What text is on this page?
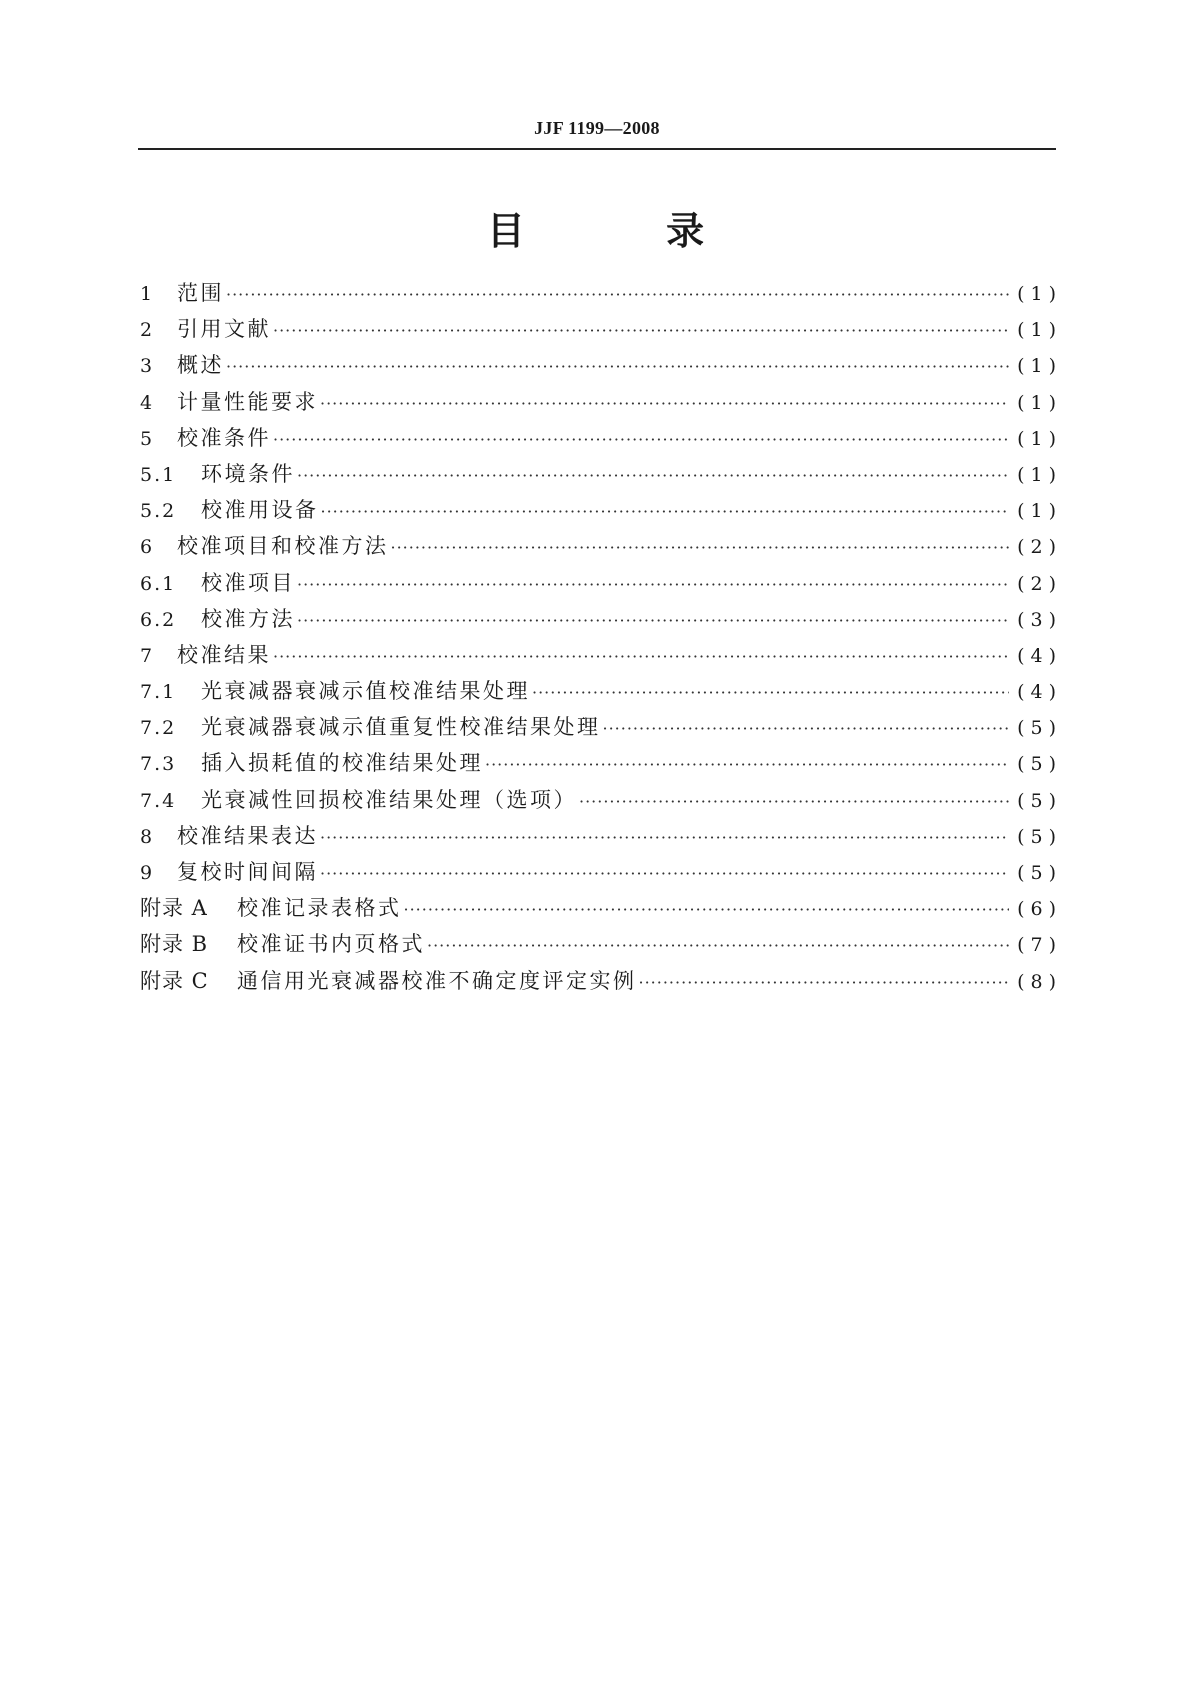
JJF 1199—2008
目 录
1	范围 ·····	(1)
2	引用文献 ·····	(1)
3	概述 ·····	(1)
4	计量性能要求 ·····	(1)
5	校准条件 ·····	(1)
5.1	环境条件 ·····	(1)
5.2	校准用设备 ·····	(1)
6	校准项目和校准方法 ·····	(2)
6.1	校准项目 ·····	(2)
6.2	校准方法 ·····	(3)
7	校准结果 ·····	(4)
7.1	光衰减器衰减示值校准结果处理 ·····	(4)
7.2	光衰减器衰减示值重复性校准结果处理 ·····	(5)
7.3	插入损耗值的校准结果处理 ·····	(5)
7.4	光衰减性回损校准结果处理（选项） ·····	(5)
8	校准结果表达 ·····	(5)
9	复校时间间隔 ·····	(5)
附录 A	校准记录表格式 ·····	(6)
附录 B	校准证书内页格式 ·····	(7)
附录 C	通信用光衰减器校准不确定度评定实例 ·····	(8)
